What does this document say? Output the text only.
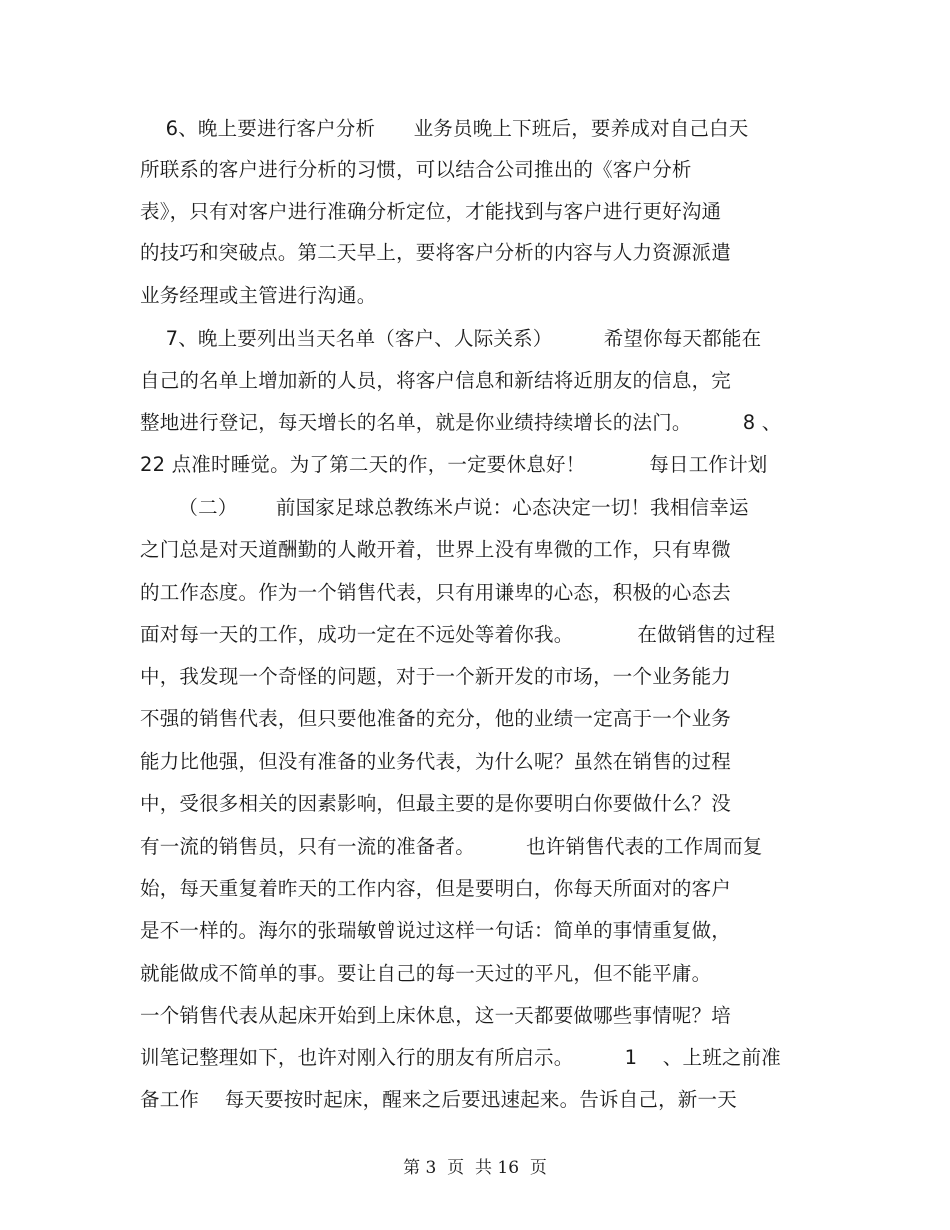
6、晚上要进行客户分析      业务员晚上下班后，要养成对自己白天
所联系的客户进行分析的习惯，可以结合公司推出的《客户分析
表》，只有对客户进行准确分析定位，才能找到与客户进行更好沟通
的技巧和突破点。第二天早上，要将客户分析的内容与人力资源派遣
业务经理或主管进行沟通。
7、晚上要列出当天名单（客户、人际关系）        希望你每天都能在
自己的名单上增加新的人员，将客户信息和新结将近朋友的信息，完
整地进行登记，每天增长的名单，就是你业绩持续增长的法门。        8 、
22 点准时睡觉。为了第二天的作，一定要休息好！          每日工作计划
（二）      前国家足球总教练米卢说：心态决定一切！我相信幸运
之门总是对天道酬勤的人敞开着，世界上没有卑微的工作，只有卑微
的工作态度。作为一个销售代表，只有用谦卑的心态，积极的心态去
面对每一天的工作，成功一定在不远处等着你我。          在做销售的过程
中，我发现一个奇怪的问题，对于一个新开发的市场，一个业务能力
不强的销售代表，但只要他准备的充分，他的业绩一定高于一个业务
能力比他强，但没有准备的业务代表，为什么呢？虽然在销售的过程
中，受很多相关的因素影响，但最主要的是你要明白你要做什么？没
有一流的销售员，只有一流的准备者。        也许销售代表的工作周而复
始，每天重复着昨天的工作内容，但是要明白，你每天所面对的客户
是不一样的。海尔的张瑞敏曾说过这样一句话：简单的事情重复做，
就能做成不简单的事。要让自己的每一天过的平凡，但不能平庸。
一个销售代表从起床开始到上床休息，这一天都要做哪些事情呢？培
训笔记整理如下，也许对刚入行的朋友有所启示。        1    、上班之前准
备工作    每天要按时起床，醒来之后要迅速起来。告诉自己，新一天
第 3  页  共 16  页
